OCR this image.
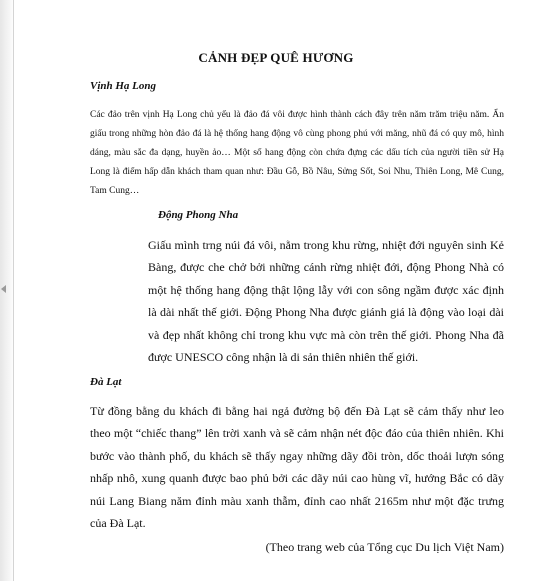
CẢNH ĐẸP QUÊ HƯƠNG
Vịnh Hạ Long

Các đảo trên vịnh Hạ Long chủ yếu là đảo đá vôi được hình thành cách đây trên năm trăm triệu năm. Ẩn giấu trong những hòn đảo đá là hệ thống hang động vô cùng phong phú với măng, nhũ đá có quy mô, hình dáng, màu sắc đa dạng, huyền ảo… Một số hang động còn chứa đựng các dấu tích của người tiền sử Hạ Long là điểm hấp dẫn khách tham quan như: Đầu Gỗ, Bồ Nâu, Sửng Sốt, Soi Nhu, Thiên Long, Mê Cung, Tam Cung…

Động Phong Nha

Giấu mình trng núi đá vôi, nằm trong khu rừng, nhiệt đới nguyên sinh Kẻ Bàng, được che chở bởi những cánh rừng nhiệt đới, động Phong Nhà có một hệ thống hang động thật lộng lẫy với con sông ngầm được xác định là dài nhất thế giới. Động Phong Nha được giánh giá là động vào loại dài và đẹp nhất không chỉ trong khu vực mà còn trên thế giới. Phong Nha đã được UNESCO công nhận là di sản thiên nhiên thế giới.

Đà Lạt

Từ đồng bằng du khách đi bằng hai ngả đường bộ đến Đà Lạt sẽ cảm thấy như leo theo một “chiếc thang” lên trời xanh và sẽ cảm nhận nét độc đáo của thiên nhiên. Khi bước vào thành phố, du khách sẽ thấy ngay những dãy đồi tròn, dốc thoải lượn sóng nhấp nhô, xung quanh được bao phủ bởi các dãy núi cao hùng vĩ, hướng Bắc có dãy núi Lang Biang năm đỉnh màu xanh thẫm, đỉnh cao nhất 2165m như một đặc trưng của Đà Lạt.

(Theo trang web của Tổng cục Du lịch Việt Nam)
